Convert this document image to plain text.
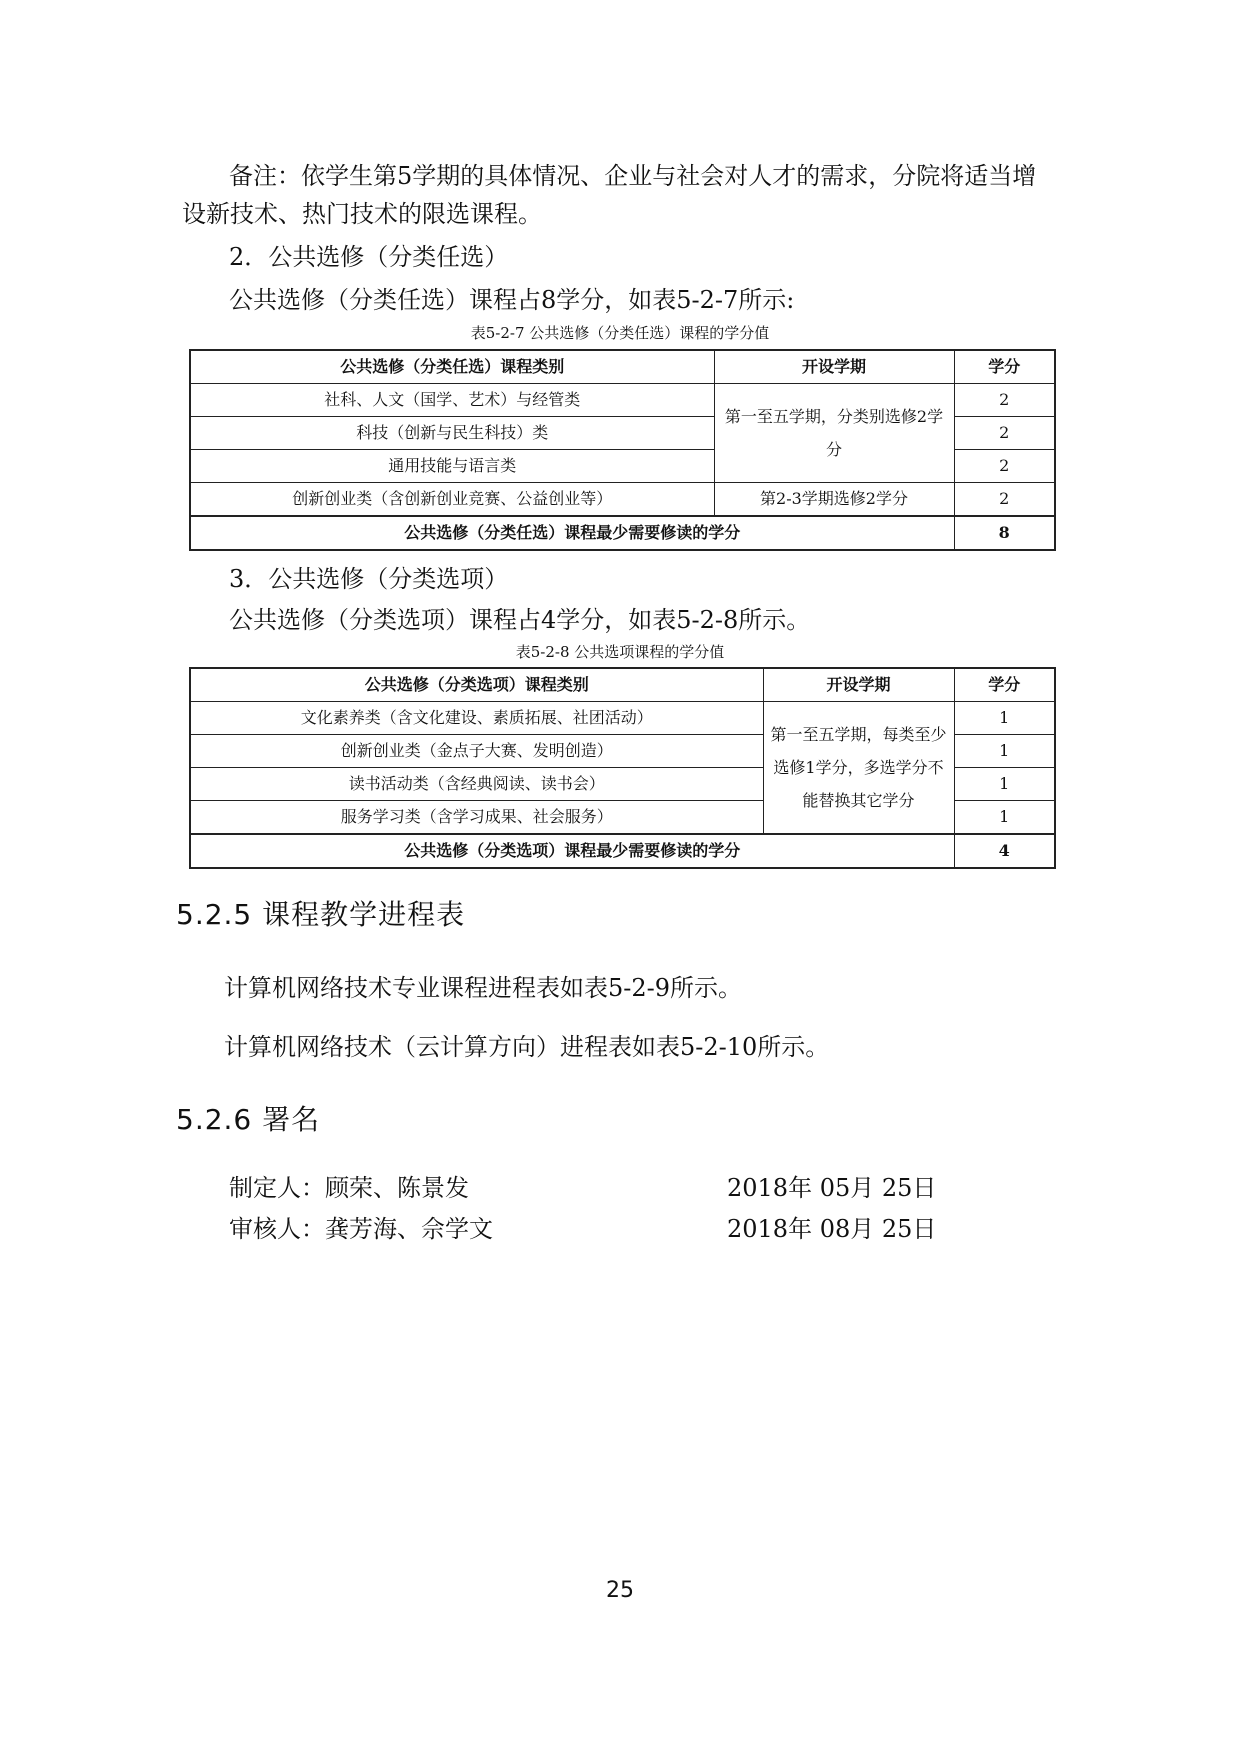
备注：依学生第5学期的具体情况、企业与社会对人才的需求，分院将适当增

设新技术、热门技术的限选课程。

2．公共选修（分类任选）

公共选修（分类任选）课程占8学分，如表5-2-7所示:

表5-2-7 公共选修（分类任选）课程的学分值
公共选修（分类任选）课程类别	开设学期	学分
社科、人文（国学、艺术）与经管类	第一至五学期，分类别选修2学分	2
科技（创新与民生科技）类		2
通用技能与语言类		2
创新创业类（含创新创业竞赛、公益创业等）	第2-3学期选修2学分	2
公共选修（分类任选）课程最少需要修读的学分		8

3．公共选修（分类选项）

公共选修（分类选项）课程占4学分，如表5-2-8所示。

表5-2-8 公共选项课程的学分值
公共选修（分类选项）课程类别	开设学期	学分
文化素养类（含文化建设、素质拓展、社团活动）	第一至五学期，每类至少选修1学分，多选学分不能替换其它学分	1
创新创业类（金点子大赛、发明创造）		1
读书活动类（含经典阅读、读书会）		1
服务学习类（含学习成果、社会服务）		1
公共选修（分类选项）课程最少需要修读的学分		4
5.2.5 课程教学进程表

计算机网络技术专业课程进程表如表5-2-9所示。

计算机网络技术（云计算方向）进程表如表5-2-10所示。

5.2.6 署名
制定人：顾荣、陈景发	2018年 05月 25日
审核人：龚芳海、佘学文	2018年 08月 25日
25
